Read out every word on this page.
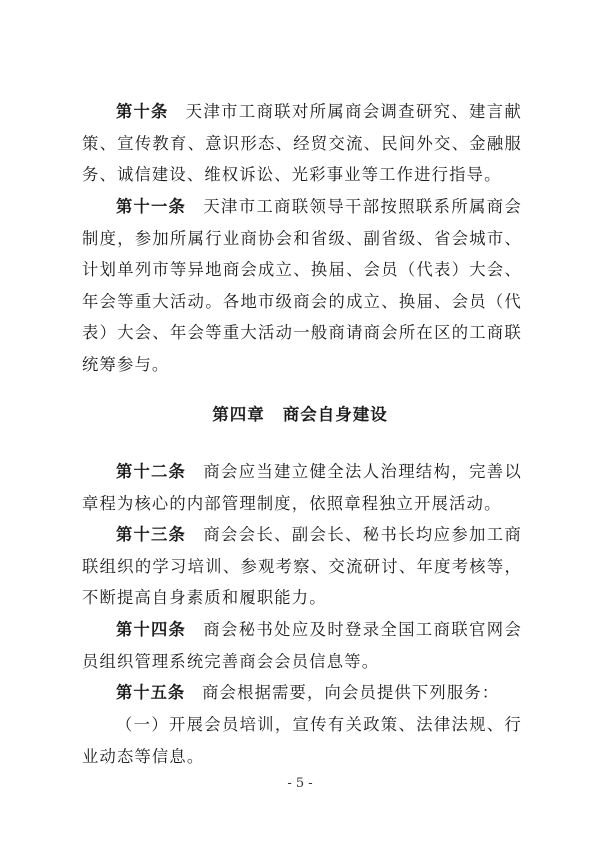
第十条 天津市工商联对所属商会调查研究、建言献策、宣传教育、意识形态、经贸交流、民间外交、金融服务、诚信建设、维权诉讼、光彩事业等工作进行指导。

第十一条 天津市工商联领导干部按照联系所属商会制度，参加所属行业商协会和省级、副省级、省会城市、计划单列市等异地商会成立、换届、会员（代表）大会、年会等重大活动。各地市级商会的成立、换届、会员（代表）大会、年会等重大活动一般商请商会所在区的工商联统筹参与。

第四章 商会自身建设

第十二条 商会应当建立健全法人治理结构，完善以章程为核心的内部管理制度，依照章程独立开展活动。

第十三条 商会会长、副会长、秘书长均应参加工商联组织的学习培训、参观考察、交流研讨、年度考核等，不断提高自身素质和履职能力。

第十四条 商会秘书处应及时登录全国工商联官网会员组织管理系统完善商会会员信息等。

第十五条 商会根据需要，向会员提供下列服务：

（一）开展会员培训，宣传有关政策、法律法规、行业动态等信息。

- 5 -
